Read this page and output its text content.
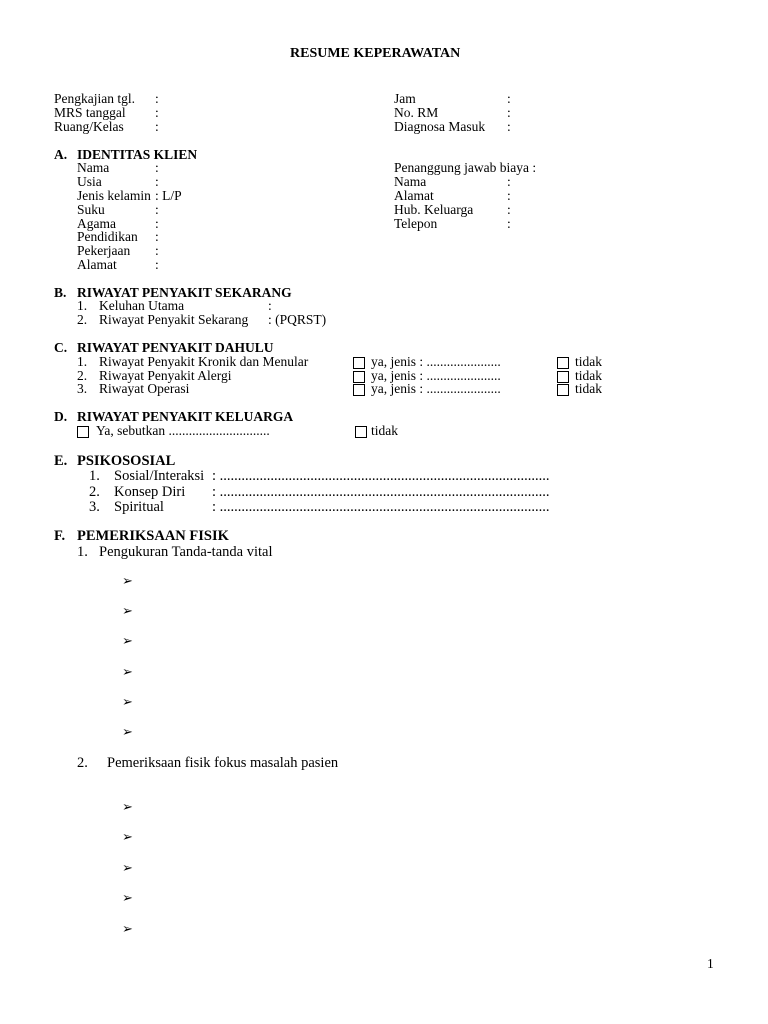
RESUME KEPERAWATAN
Pengkajian tgl. :
MRS tanggal :
Ruang/Kelas :
Jam	:
No. RM	:
Diagnosa Masuk :
A. IDENTITAS KLIEN
Nama	:
Usia	:
Jenis kelamin : L/P
Suku	:
Agama	:
Pendidikan :
Pekerjaan :
Alamat	:
Penanggung jawab biaya :
Nama	:
Alamat	:
Hub. Keluarga	:
Telepon	:
B. RIWAYAT PENYAKIT SEKARANG
1. Keluhan Utama	:
2. Riwayat Penyakit Sekarang : (PQRST)
C. RIWAYAT PENYAKIT DAHULU
1. Riwayat Penyakit Kronik dan Menular	ya, jenis : ......................	tidak
2. Riwayat Penyakit Alergi	ya, jenis : ......................	tidak
3. Riwayat Operasi	ya, jenis : ......................	tidak
D. RIWAYAT PENYAKIT KELUARGA
Ya, sebutkan ..............................	tidak
E. PSIKOSOSIAL
1. Sosial/Interaksi : ...........................................................................................
2. Konsep Diri : ...........................................................................................
3. Spiritual	: ...........................................................................................
F. PEMERIKSAAN FISIK
1. Pengukuran Tanda-tanda vital
➢
➢
➢
➢
➢
➢
2. Pemeriksaan fisik fokus masalah pasien
➢
➢
➢
➢
➢
1
